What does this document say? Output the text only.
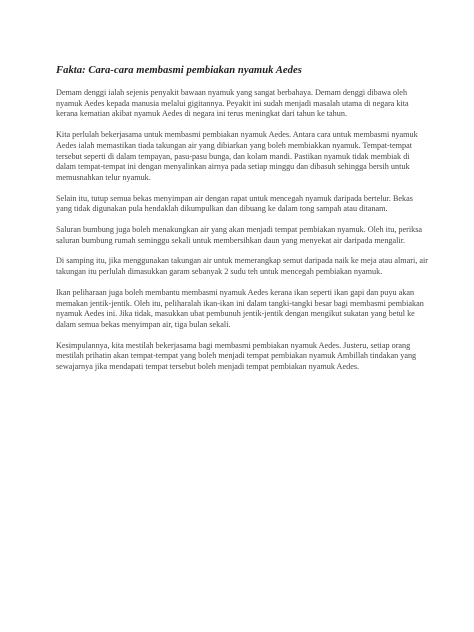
Fakta: Cara-cara membasmi pembiakan nyamuk Aedes

Demam denggi ialah sejenis penyakit bawaan nyamuk yang sangat berbahaya. Demam denggi dibawa oleh nyamuk Aedes kepada manusia melalui gigitannya. Peyakit ini sudah menjadi masalah utama di negara kita kerana kematian akibat nyamuk Aedes di negara ini terus meningkat dari tahun ke tahun.

Kita perlulah bekerjasama untuk membasmi pembiakan nyamuk Aedes. Antara cara untuk membasmi nyamuk Aedes ialah memastikan tiada takungan air yang dibiarkan yang boleh membiakkan nyamuk. Tempat-tempat tersebut seperti di dalam tempayan, pasu-pasu bunga, dan kolam mandi. Pastikan nyamuk tidak membiak di dalam tempat-tempat ini dengan menyalinkan airnya pada setiap minggu dan dibasuh sehingga bersih untuk memusnahkan telur nyamuk.

Selain itu, tutup semua bekas menyimpan air dengan rapat untuk mencegah nyamuk daripada bertelur. Bekas yang tidak digunakan pula hendaklah dikumpulkan dan dibuang ke dalam tong sampah atau ditanam.

Saluran bumbung juga boleh menakungkan air yang akan menjadi tempat pembiakan nyamuk. Oleh itu, periksa saluran bumbung rumah seminggu sekali untuk membersihkan daun yang menyekat air daripada mengalir.

Di samping itu, jika menggunakan takungan air untuk memerangkap semut daripada naik ke meja atau almari, air takungan itu perlulah dimasukkan garam sebanyak 2 sudu teh untuk mencegah pembiakan nyamuk.

Ikan peliharaan juga boleh membantu membasmi nyamuk Aedes kerana ikan seperti ikan gapi dan puyu akan memakan jentik-jentik. Oleh itu, peliharalah ikan-ikan ini dalam tangki-tangki besar bagi membasmi pembiakan nyamuk Aedes ini. Jika tidak, masukkan ubat pembunuh jentik-jentik dengan mengikut sukatan yang betul ke dalam semua bekas menyimpan air, tiga bulan sekali.

Kesimpulannya, kita mestilah bekerjasama bagi membasmi pembiakan nyamuk Aedes. Justeru, setiap orang mestilah prihatin akan tempat-tempat yang boleh menjadi tempat pembiakan nyamuk Ambillah tindakan yang sewajarnya jika mendapati tempat tersebut boleh menjadi tempat pembiakan nyamuk Aedes.
